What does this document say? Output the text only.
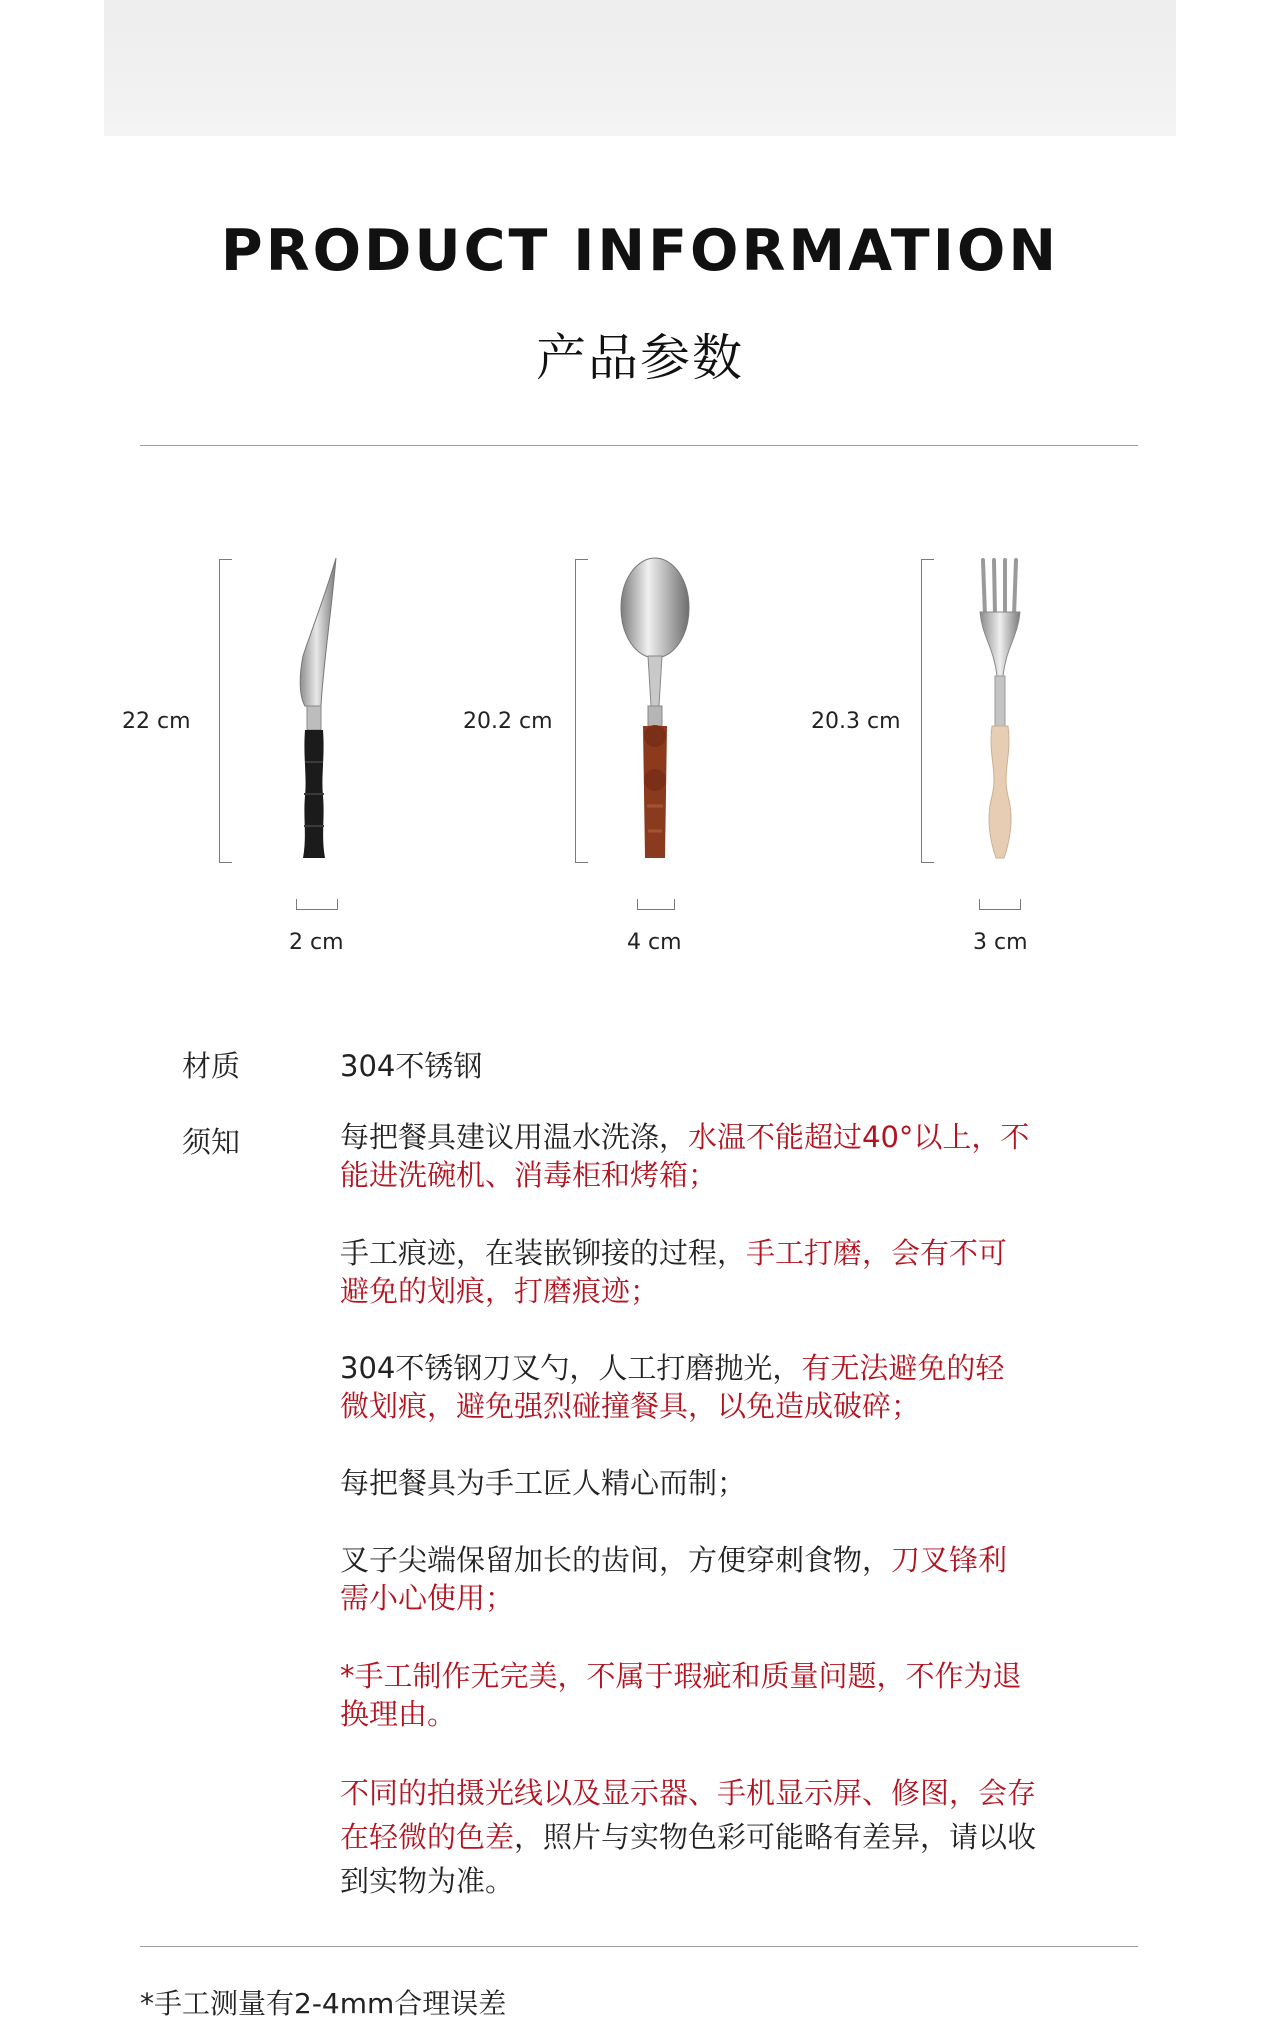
PRODUCT INFORMATION
产品参数
22 cm
2 cm
20.2 cm
4 cm
20.3 cm
3 cm
材质	304不锈钢
须知	每把餐具建议用温水洗涤，水温不能超过40°以上，不
能进洗碗机、消毒柜和烤箱；
手工痕迹，在装嵌铆接的过程，手工打磨，会有不可
避免的划痕，打磨痕迹；
304不锈钢刀叉勺，人工打磨抛光，有无法避免的轻
微划痕，避免强烈碰撞餐具，以免造成破碎；
每把餐具为手工匠人精心而制；
叉子尖端保留加长的齿间，方便穿刺食物，刀叉锋利
需小心使用；
*手工制作无完美，不属于瑕疵和质量问题，不作为退
换理由。
不同的拍摄光线以及显示器、手机显示屏、修图，会存
在轻微的色差，照片与实物色彩可能略有差异，请以收
到实物为准。
*手工测量有2-4mm合理误差
